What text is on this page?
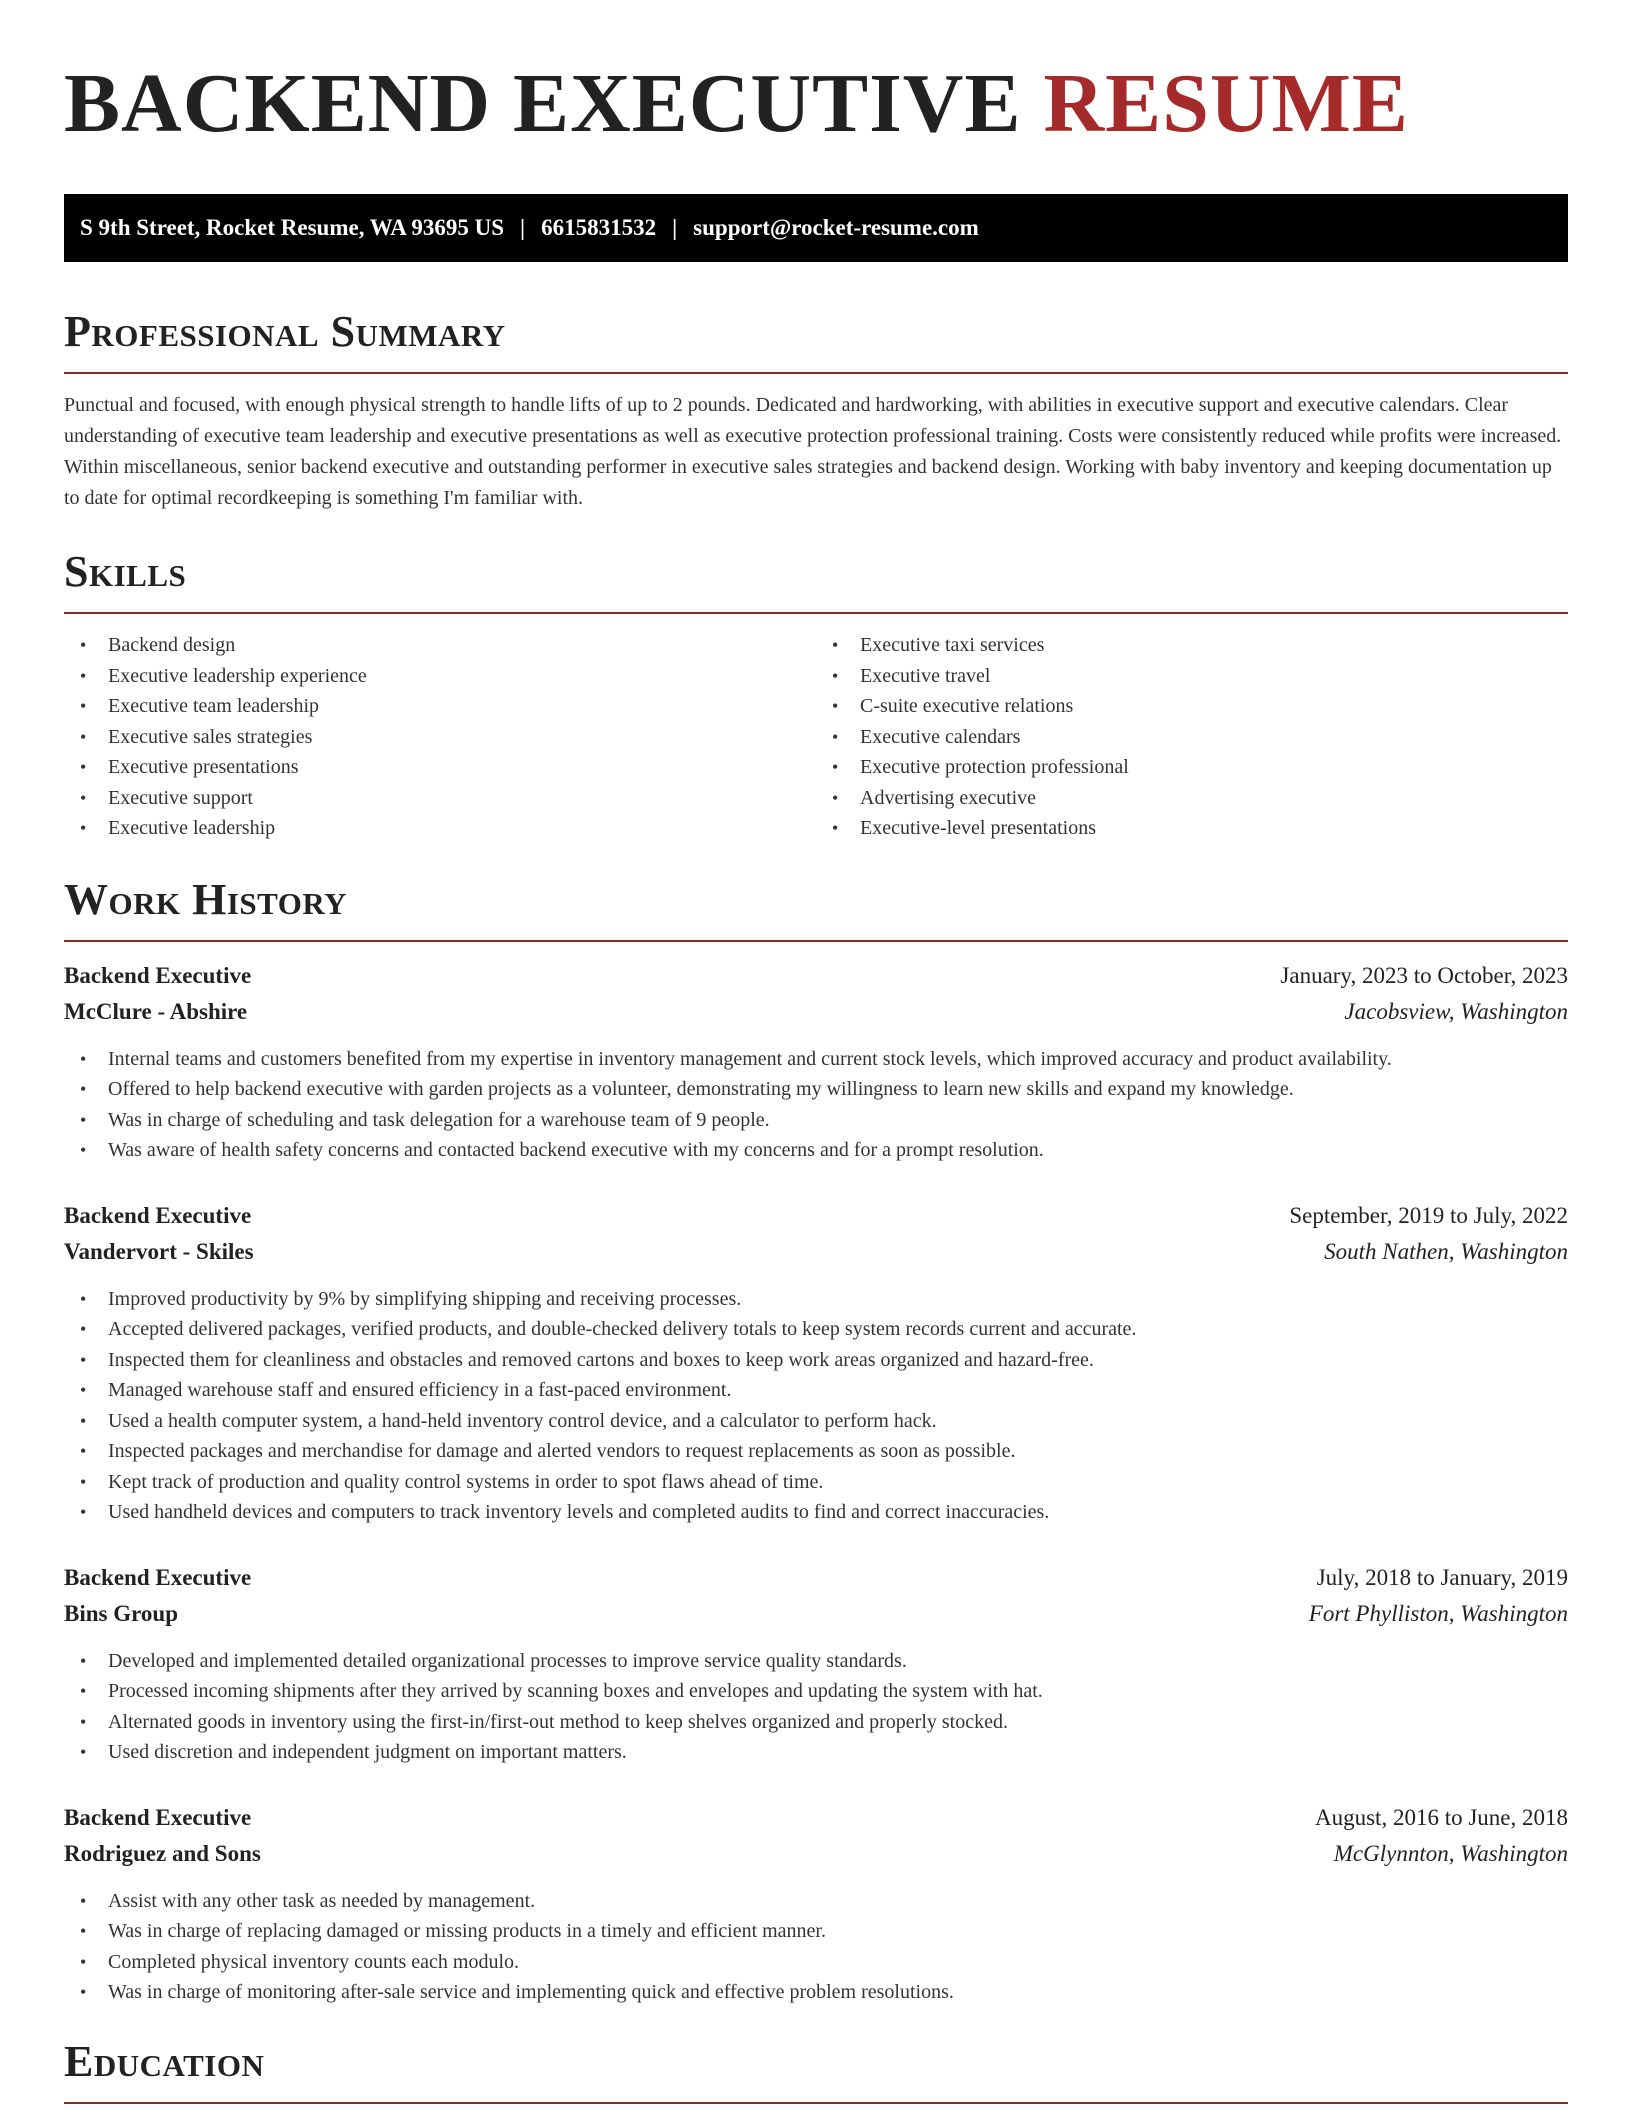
BACKEND EXECUTIVE RESUME
S 9th Street, Rocket Resume, WA 93695 US | 6615831532 | support@rocket-resume.com
Professional Summary

Punctual and focused, with enough physical strength to handle lifts of up to 2 pounds. Dedicated and hardworking, with abilities in executive support and executive calendars. Clear understanding of executive team leadership and executive presentations as well as executive protection professional training. Costs were consistently reduced while profits were increased. Within miscellaneous, senior backend executive and outstanding performer in executive sales strategies and backend design. Working with baby inventory and keeping documentation up to date for optimal recordkeeping is something I'm familiar with.

Skills
• Backend design
• Executive leadership experience
• Executive team leadership
• Executive sales strategies
• Executive presentations
• Executive support
• Executive leadership
• Executive taxi services
• Executive travel
• C-suite executive relations
• Executive calendars
• Executive protection professional
• Advertising executive
• Executive-level presentations
Work History
Backend Executive	January, 2023 to October, 2023
McClure - Abshire	Jacobsview, Washington
• Internal teams and customers benefited from my expertise in inventory management and current stock levels, which improved accuracy and product availability.
• Offered to help backend executive with garden projects as a volunteer, demonstrating my willingness to learn new skills and expand my knowledge.
• Was in charge of scheduling and task delegation for a warehouse team of 9 people.
• Was aware of health safety concerns and contacted backend executive with my concerns and for a prompt resolution.
Backend Executive	September, 2019 to July, 2022
Vandervort - Skiles	South Nathen, Washington
• Improved productivity by 9% by simplifying shipping and receiving processes.
• Accepted delivered packages, verified products, and double-checked delivery totals to keep system records current and accurate.
• Inspected them for cleanliness and obstacles and removed cartons and boxes to keep work areas organized and hazard-free.
• Managed warehouse staff and ensured efficiency in a fast-paced environment.
• Used a health computer system, a hand-held inventory control device, and a calculator to perform hack.
• Inspected packages and merchandise for damage and alerted vendors to request replacements as soon as possible.
• Kept track of production and quality control systems in order to spot flaws ahead of time.
• Used handheld devices and computers to track inventory levels and completed audits to find and correct inaccuracies.
Backend Executive	July, 2018 to January, 2019
Bins Group	Fort Phylliston, Washington
• Developed and implemented detailed organizational processes to improve service quality standards.
• Processed incoming shipments after they arrived by scanning boxes and envelopes and updating the system with hat.
• Alternated goods in inventory using the first-in/first-out method to keep shelves organized and properly stocked.
• Used discretion and independent judgment on important matters.
Backend Executive	August, 2016 to June, 2018
Rodriguez and Sons	McGlynnton, Washington
• Assist with any other task as needed by management.
• Was in charge of replacing damaged or missing products in a timely and efficient manner.
• Completed physical inventory counts each modulo.
• Was in charge of monitoring after-sale service and implementing quick and effective problem resolutions.
Education
